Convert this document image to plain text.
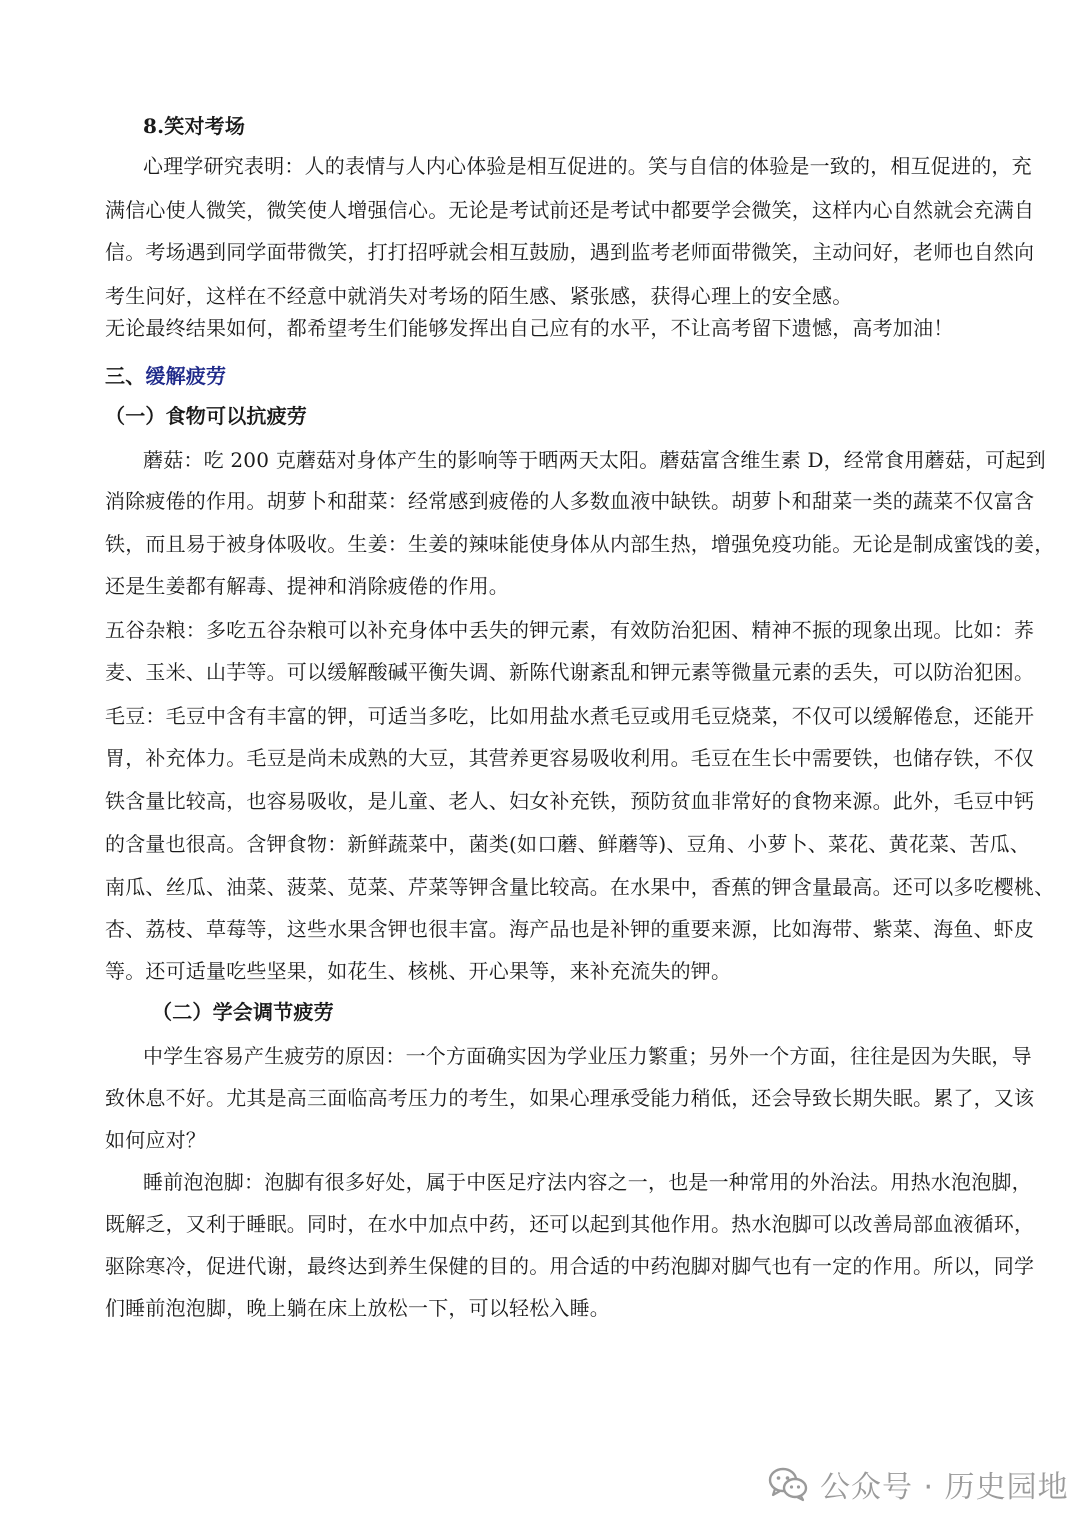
8.笑对考场
心理学研究表明：人的表情与人内心体验是相互促进的。笑与自信的体验是一致的，相互促进的，充
满信心使人微笑，微笑使人增强信心。无论是考试前还是考试中都要学会微笑，这样内心自然就会充满自
信。考场遇到同学面带微笑，打打招呼就会相互鼓励，遇到监考老师面带微笑，主动问好，老师也自然向
考生问好，这样在不经意中就消失对考场的陌生感、紧张感，获得心理上的安全感。
无论最终结果如何，都希望考生们能够发挥出自己应有的水平，不让高考留下遗憾，高考加油！
三、缓解疲劳
（一）食物可以抗疲劳
蘑菇：吃 200 克蘑菇对身体产生的影响等于晒两天太阳。蘑菇富含维生素 D，经常食用蘑菇，可起到
消除疲倦的作用。胡萝卜和甜菜：经常感到疲倦的人多数血液中缺铁。胡萝卜和甜菜一类的蔬菜不仅富含
铁，而且易于被身体吸收。生姜：生姜的辣味能使身体从内部生热，增强免疫功能。无论是制成蜜饯的姜，
还是生姜都有解毒、提神和消除疲倦的作用。
五谷杂粮：多吃五谷杂粮可以补充身体中丢失的钾元素，有效防治犯困、精神不振的现象出现。比如：荞
麦、玉米、山芋等。可以缓解酸碱平衡失调、新陈代谢紊乱和钾元素等微量元素的丢失，可以防治犯困。
毛豆：毛豆中含有丰富的钾，可适当多吃，比如用盐水煮毛豆或用毛豆烧菜，不仅可以缓解倦怠，还能开
胃，补充体力。毛豆是尚未成熟的大豆，其营养更容易吸收利用。毛豆在生长中需要铁，也储存铁，不仅
铁含量比较高，也容易吸收，是儿童、老人、妇女补充铁，预防贫血非常好的食物来源。此外，毛豆中钙
的含量也很高。含钾食物：新鲜蔬菜中，菌类(如口蘑、鲜蘑等)、豆角、小萝卜、菜花、黄花菜、苦瓜、
南瓜、丝瓜、油菜、菠菜、苋菜、芹菜等钾含量比较高。在水果中，香蕉的钾含量最高。还可以多吃樱桃、
杏、荔枝、草莓等，这些水果含钾也很丰富。海产品也是补钾的重要来源，比如海带、紫菜、海鱼、虾皮
等。还可适量吃些坚果，如花生、核桃、开心果等，来补充流失的钾。
（二）学会调节疲劳
中学生容易产生疲劳的原因：一个方面确实因为学业压力繁重；另外一个方面，往往是因为失眠，导
致休息不好。尤其是高三面临高考压力的考生，如果心理承受能力稍低，还会导致长期失眠。累了，又该
如何应对？
睡前泡泡脚：泡脚有很多好处，属于中医足疗法内容之一，也是一种常用的外治法。用热水泡泡脚，
既解乏，又利于睡眠。同时，在水中加点中药，还可以起到其他作用。热水泡脚可以改善局部血液循环，
驱除寒冷，促进代谢，最终达到养生保健的目的。用合适的中药泡脚对脚气也有一定的作用。所以，同学
们睡前泡泡脚，晚上躺在床上放松一下，可以轻松入睡。
公众号 · 历史园地
